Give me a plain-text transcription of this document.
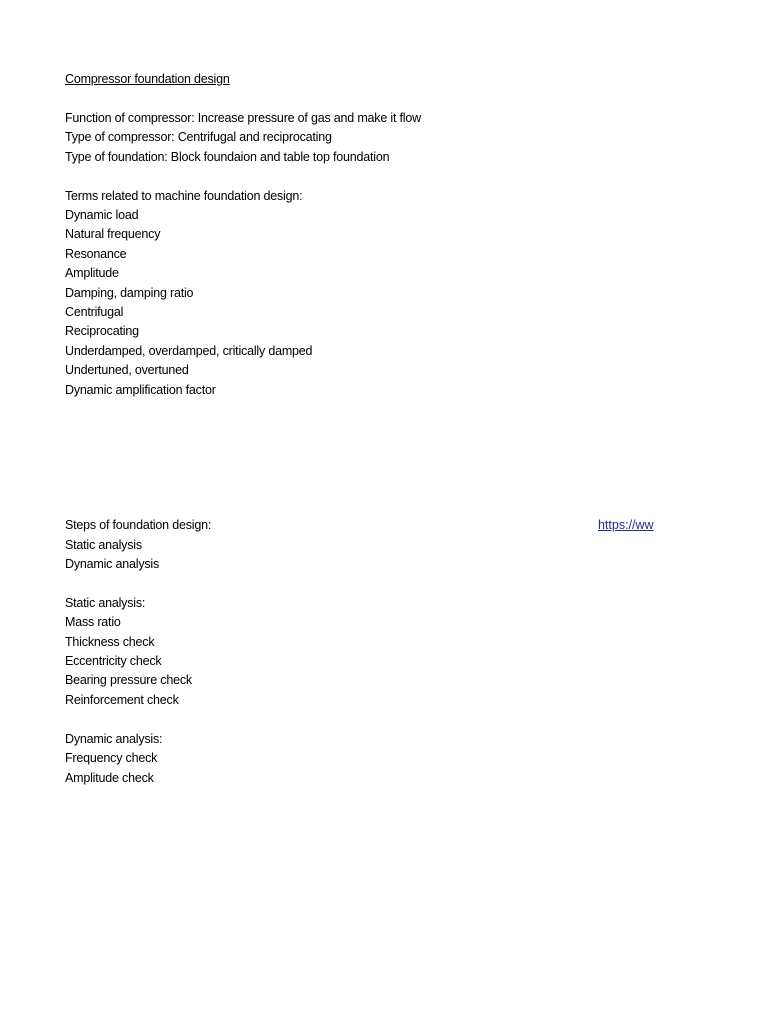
Compressor foundation design
Function of compressor: Increase pressure of gas and make it flow
Type of compressor: Centrifugal and reciprocating
Type of foundation: Block foundaion and table top foundation
Terms related to machine foundation design:
Dynamic load
Natural frequency
Resonance
Amplitude
Damping, damping ratio
Centrifugal
Reciprocating
Underdamped, overdamped, critically damped
Undertuned, overtuned
Dynamic amplification factor
Steps of foundation design:	https://ww
Static analysis
Dynamic analysis
Static analysis:
Mass ratio
Thickness check
Eccentricity check
Bearing pressure check
Reinforcement check
Dynamic analysis:
Frequency check
Amplitude check
